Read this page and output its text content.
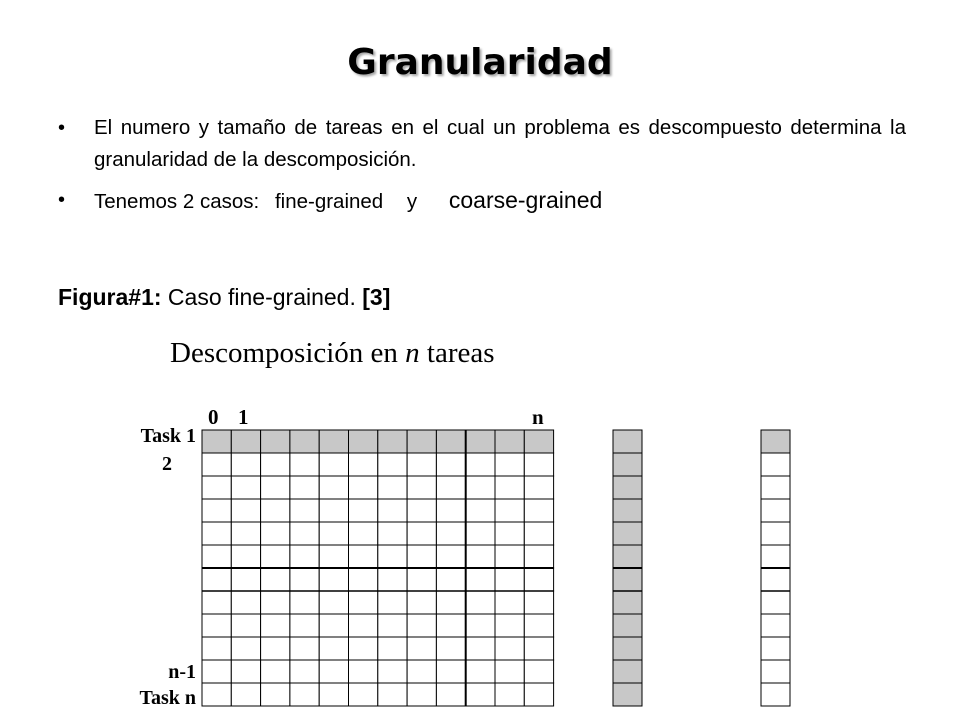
Granularidad
• El numero y tamaño de tareas en el cual un problema es descompuesto determina la granularidad de la descomposición.
• Tenemos 2 casos: fine-grained y coarse-grained
Figura#1: Caso fine-grained. [3]
Descomposición en n tareas
0 1	n
Task 1
2
n-1
Task n
